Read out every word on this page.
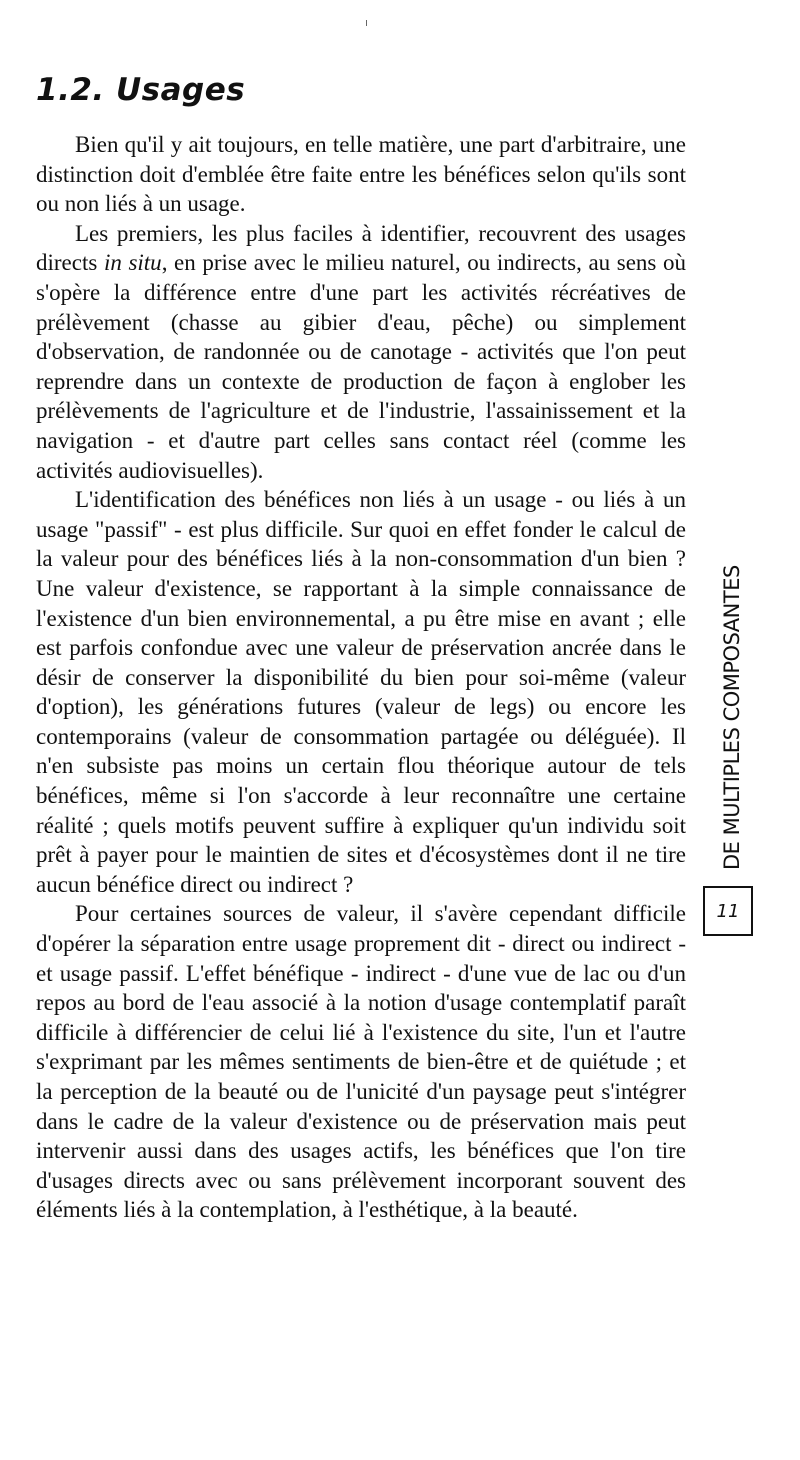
1.2. Usages

Bien qu'il y ait toujours, en telle matière, une part d'arbitraire, une distinction doit d'emblée être faite entre les bénéfices selon qu'ils sont ou non liés à un usage.

Les premiers, les plus faciles à identifier, recouvrent des usages directs in situ, en prise avec le milieu naturel, ou indirects, au sens où s'opère la différence entre d'une part les activités récréatives de prélèvement (chasse au gibier d'eau, pêche) ou simplement d'observation, de randonnée ou de canotage - activités que l'on peut reprendre dans un contexte de production de façon à englober les prélèvements de l'agriculture et de l'industrie, l'assainissement et la navigation - et d'autre part celles sans contact réel (comme les activités audiovisuelles).

L'identification des bénéfices non liés à un usage - ou liés à un usage "passif" - est plus difficile. Sur quoi en effet fonder le calcul de la valeur pour des bénéfices liés à la non-consommation d'un bien ? Une valeur d'existence, se rapportant à la simple connaissance de l'existence d'un bien environnemental, a pu être mise en avant ; elle est parfois confondue avec une valeur de préservation ancrée dans le désir de conserver la disponibilité du bien pour soi-même (valeur d'option), les générations futures (valeur de legs) ou encore les contemporains (valeur de consommation partagée ou déléguée). Il n'en subsiste pas moins un certain flou théorique autour de tels bénéfices, même si l'on s'accorde à leur reconnaître une certaine réalité ; quels motifs peuvent suffire à expliquer qu'un individu soit prêt à payer pour le maintien de sites et d'écosystèmes dont il ne tire aucun bénéfice direct ou indirect ?

Pour certaines sources de valeur, il s'avère cependant difficile d'opérer la séparation entre usage proprement dit - direct ou indirect - et usage passif. L'effet bénéfique - indirect - d'une vue de lac ou d'un repos au bord de l'eau associé à la notion d'usage contemplatif paraît difficile à différencier de celui lié à l'existence du site, l'un et l'autre s'exprimant par les mêmes sentiments de bien-être et de quiétude ; et la perception de la beauté ou de l'unicité d'un paysage peut s'intégrer dans le cadre de la valeur d'existence ou de préservation mais peut intervenir aussi dans des usages actifs, les bénéfices que l'on tire d'usages directs avec ou sans prélèvement incorporant souvent des éléments liés à la contemplation, à l'esthétique, à la beauté.

DE MULTIPLES COMPOSANTES
11
